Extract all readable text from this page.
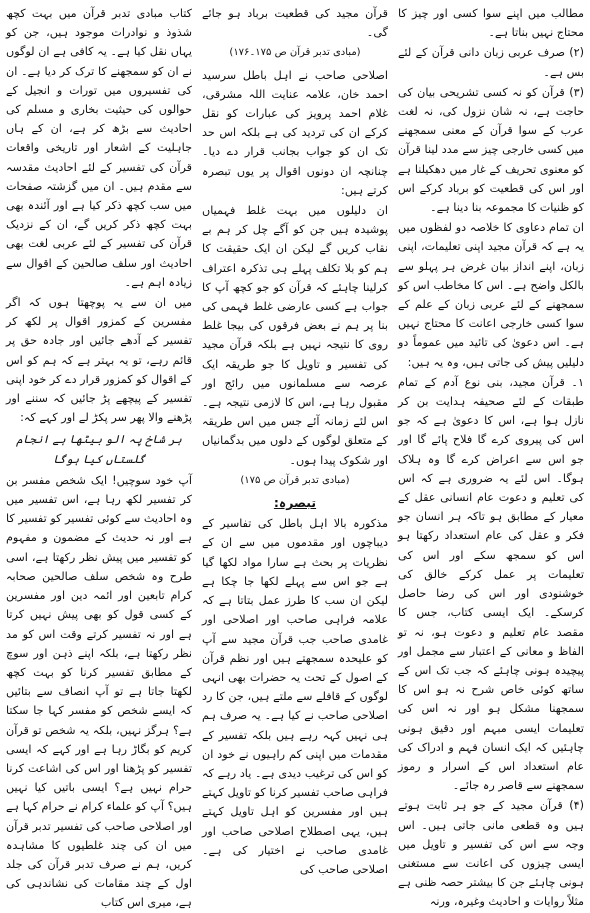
مطالب میں اپنے سوا کسی اور چیز کا محتاج نہیں بناتا ہے۔

(۲) صرف عربی زبان دانی قرآن کے لئے بس ہے۔

(۳) قرآن کو نہ کسی تشریحی بیان کی حاجت ہے، نہ شان نزول کی، نہ لغت عرب کے سوا قرآن کے معنی سمجھنے میں کسی خارجی چیز سے مدد لینا قرآن کو معنوی تحریف کے غار میں دھکیلنا ہے اور اس کی قطعیت کو برباد کرکے اس کو ظنیات کا مجموعہ بنا دینا ہے۔

ان تمام دعاوی کا خلاصہ دو لفظوں میں یہ ہے کہ قرآن مجید اپنی تعلیمات، اپنی زبان، اپنے انداز بیان غرض ہر پہلو سے بالکل واضح ہے۔ اس کا مخاطب اس کو سمجھنے کے لئے عربی زبان کے علم کے سوا کسی خارجی اعانت کا محتاج نہیں ہے۔ اس دعویٰ کی تائید میں عموماً دو دلیلیں پیش کی جاتی ہیں، وہ یہ ہیں:

۱۔ قرآن مجید، بنی نوع آدم کے تمام طبقات کے لئے صحیفہ ہدایت بن کر نازل ہوا ہے، اس کا دعویٰ ہے کہ جو اس کی پیروی کرے گا فلاح پائے گا اور جو اس سے اعراض کرے گا وہ ہلاک ہوگا۔ اس لئے یہ ضروری ہے کہ اس کی تعلیم و دعوت عام انسانی عقل کے معیار کے مطابق ہو تاکہ ہر انسان جو فکر و عقل کی عام استعداد رکھتا ہو اس کو سمجھ سکے اور اس کی تعلیمات پر عمل کرکے خالق کی خوشنودی اور اس کی رضا حاصل کرسکے۔ ایک ایسی کتاب، جس کا مقصد عام تعلیم و دعوت ہو، نہ تو الفاظ و معانی کے اعتبار سے مجمل اور پیچیدہ ہونی چاہئے کہ جب تک اس کے ساتھ کوئی خاص شرح نہ ہو اس کا سمجھنا مشکل ہو اور نہ اس کی تعلیمات ایسی مبہم اور دقیق ہونی چاہئیں کہ ایک انسان فہم و ادراک کی عام استعداد اس کے اسرار و رموز سمجھنے سے قاصر رہ جائے۔

(۴) قرآن مجید کے جو ہر ثابت ہوتے ہیں وہ قطعی مانی جاتی ہیں۔ اس وجہ سے اس کی تفسیر و تاویل میں ایسی چیزوں کی اعانت سے مستغنی ہونی چاہئے جن کا بیشتر حصہ ظنی ہے مثلاً روایات و احادیث وغیرہ، ورنہ

قرآن مجید کی قطعیت برباد ہو جائے گی۔

(مبادی تدبر قرآن ص ۱۷۵۔۱۷۶)

اصلاحی صاحب نے اہل باطل سرسید احمد خان، علامہ عنایت اللہ مشرقی، غلام احمد پرویز کی عبارات کو نقل کرکے ان کی تردید کی ہے بلکہ اس حد تک ان کو جواب بجانب قرار دے دیا۔ چنانچہ ان دونوں اقوال پر یوں تبصرہ کرتے ہیں:

ان دلیلوں میں بہت غلط فہمیاں پوشیدہ ہیں جن کو آگے چل کر ہم بے نقاب کریں گے لیکن ان ایک حقیقت کا ہم کو بلا تکلف پہلے ہی تذکرہ اعتراف کرلینا چاہئے کہ قرآن کو جو کچھ آپ کا جواب ہے کسی عارضی غلط فہمی کی بنا پر ہم نے بعض فرقوں کی بیجا غلط روی کا نتیجہ نہیں ہے بلکہ قرآن مجید کی تفسیر و تاویل کا جو طریقہ ایک عرصہ سے مسلمانوں میں رائج اور مقبول رہا ہے، اس کا لازمی نتیجہ ہے۔ اس لئے زمانہ آئے جس میں اس طریقہ کے متعلق لوگوں کے دلوں میں بدگمانیاں اور شکوک پیدا ہوں۔

(مبادی تدبر قرآن ص ۱۷۵)
تبصرہ:

مذکورہ بالا اہل باطل کی تفاسیر کے دیباچوں اور مقدموں میں سے ان کے نظریات پر بحث ہے سارا مواد لکھا گیا ہے جو اس سے پہلے لکھا جا چکا ہے لیکن ان سب کا طرز عمل بتاتا ہے کہ علامہ فراہی صاحب اور اصلاحی اور غامدی صاحب جب قرآن مجید سے آپ کو علیحدہ سمجھتے ہیں اور نظم قرآن کے اصول کے تحت یہ حضرات بھی انہی لوگوں کے قافلے سے ملتے ہیں، جن کا رد اصلاحی صاحب نے کیا ہے۔ یہ صرف ہم ہی نہیں کہہ رہے ہیں بلکہ تفسیر کے مقدمات میں اپنی کم راہیوں نے خود ان کو اس کی ترغیب دیدی ہے۔ یاد رہے کہ فراہی صاحب تفسیر کرنا کو تاویل کہتے ہیں اور مفسرین کو اہل تاویل کہتے ہیں، یہی اصطلاح اصلاحی صاحب اور غامدی صاحب نے اختیار کی ہے۔ اصلاحی صاحب کی

کتاب مبادی تدبر قرآن میں بہت کچھ شذوذ و نوادرات موجود ہیں، جن کو یہاں نقل کیا ہے۔ یہ کافی ہے ان لوگوں نے ان کو سمجھنے کا ترک کر دیا ہے۔ ان کی تفسیروں میں تورات و انجیل کے حوالوں کی حیثیت بخاری و مسلم کی احادیث سے بڑھ کر ہے، ان کے ہاں جاہلیت کے اشعار اور تاریخی واقعات قرآن کی تفسیر کے لئے احادیث مقدسہ سے مقدم ہیں۔ ان میں گزشتہ صفحات میں سب کچھ ذکر کیا ہے اور آئندہ بھی بہت کچھ ذکر کریں گے، ان کے نزدیک قرآن کی تفسیر کے لئے عربی لغت بھی احادیث اور سلف صالحین کے اقوال سے زیادہ اہم ہے۔

میں ان سے یہ پوچھتا ہوں کہ اگر مفسرین کے کمزور اقوال پر لکھ کر تفسیر کے آدھے جائیں اور جادہ حق پر قائم رہے، تو یہ بہتر ہے کہ ہم کو اس کے اقوال کو کمزور قرار دے کر خود اپنی تفسیر کے پیچھے پڑ جائیں کہ سننے اور پڑھنے والا پھر سر پکڑ لے اور کہے کہ:

ہر شاخ پہ الو بیٹھا ہے انجام گلستاں کیا ہوگا

آپ خود سوچیں! ایک شخص مفسر بن کر تفسیر لکھ رہا ہے، اس تفسیر میں وہ احادیث سے کوئی تفسیر کو تفسیر کا ہے اور نہ حدیث کے مضمون و مفہوم کو تفسیر میں پیش نظر رکھتا ہے، اسی طرح وہ شخص سلف صالحین صحابہ کرام تابعین اور ائمہ دین اور مفسرین کے کسی قول کو بھی پیش نہیں کرتا ہے اور نہ تفسیر کرتے وقت اس کو مد نظر رکھتا ہے، بلکہ اپنے ذہن اور سوچ کے مطابق تفسیر کرنا کو بہت کچھ لکھتا جاتا ہے تو آپ انصاف سے بتائیں کہ ایسے شخص کو مفسر کہا جا سکتا ہے؟ ہرگز نہیں، بلکہ یہ شخص تو قرآن کریم کو بگاڑ رہا ہے اور کہے کہ ایسی تفسیر کو پڑھنا اور اس کی اشاعت کرنا حرام نہیں ہے؟ ایسی باتیں کیا نہیں ہیں؟ آپ کو علماء کرام نے حرام کہا ہے اور اصلاحی صاحب کی تفسیر تدبر قرآن میں ان کی چند غلطیوں کا مشاہدہ کریں، ہم نے صرف تدبر قرآن کی جلد اول کے چند مقامات کی نشاندہی کی ہے، میری اس کتاب
